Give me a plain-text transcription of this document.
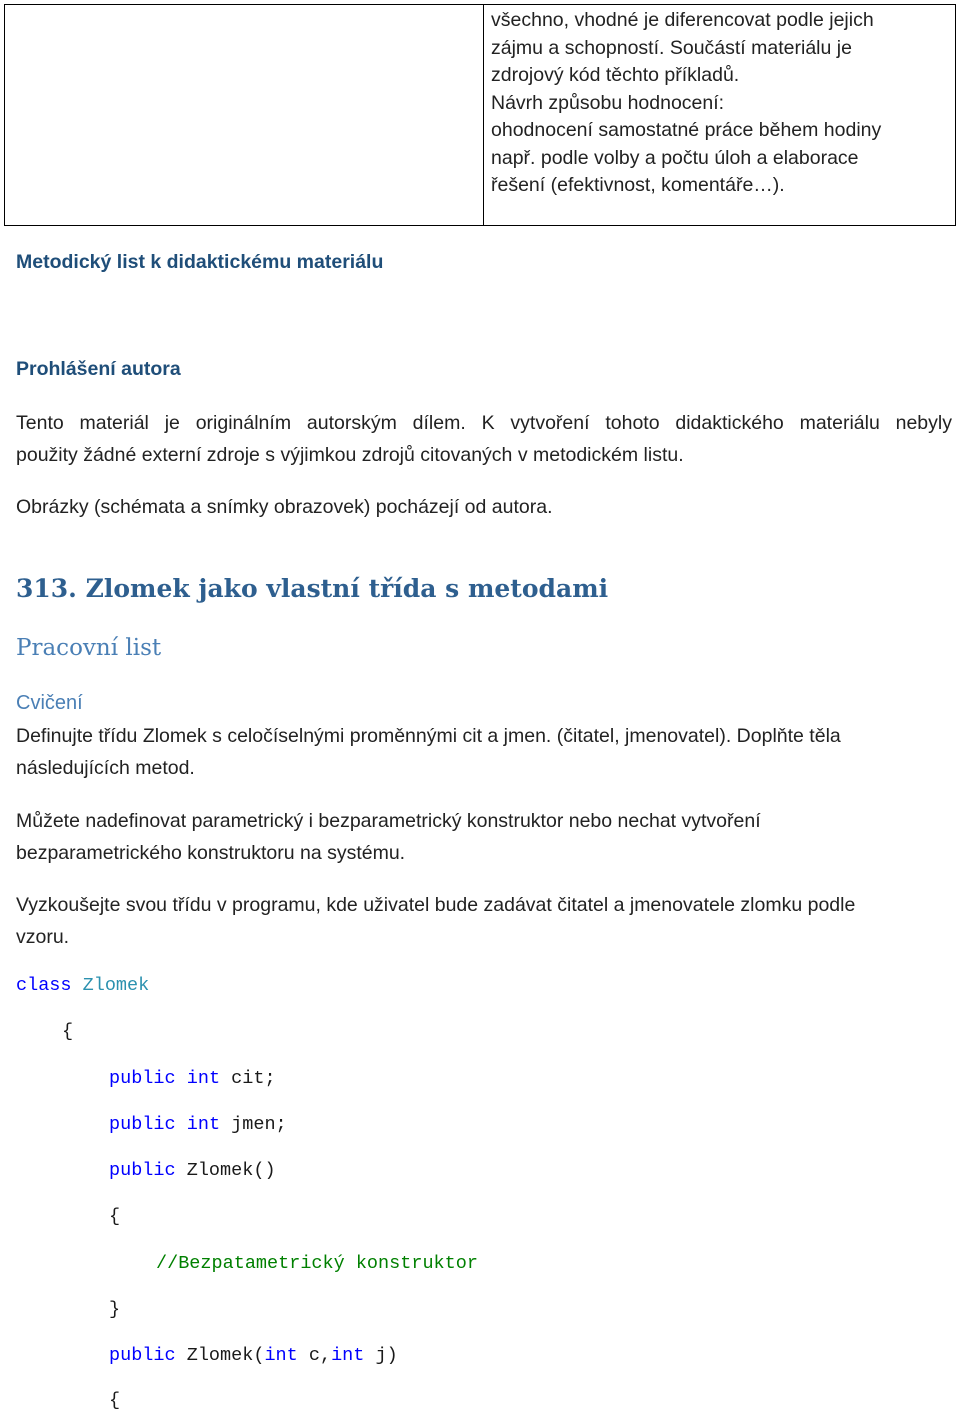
všechno, vhodné je diferencovat podle jejich
zájmu a schopností. Součástí materiálu je
zdrojový kód těchto příkladů.
Návrh způsobu hodnocení:
ohodnocení samostatné práce během hodiny
např. podle volby a počtu úloh a elaborace
řešení (efektivnost, komentáře…).
Metodický list k didaktickému materiálu
Prohlášení autora
Tento materiál je originálním autorským dílem. K vytvoření tohoto didaktického materiálu nebyly
použity žádné externí zdroje s výjimkou zdrojů citovaných v metodickém listu.
Obrázky (schémata a snímky obrazovek) pocházejí od autora.
313. Zlomek jako vlastní třída s metodami
Pracovní list
Cvičení
Definujte třídu Zlomek s celočíselnými proměnnými cit a jmen. (čitatel, jmenovatel). Doplňte těla
následujících metod.
Můžete nadefinovat parametrický i bezparametrický konstruktor nebo nechat vytvoření
bezparametrického konstruktoru na systému.
Vyzkoušejte svou třídu v programu, kde uživatel bude zadávat čitatel a jmenovatele zlomku podle
vzoru.
class Zlomek
{
public int cit;
public int jmen;
public Zlomek()
{
//Bezpatametrický konstruktor
}
public Zlomek(int c,int j)
{
